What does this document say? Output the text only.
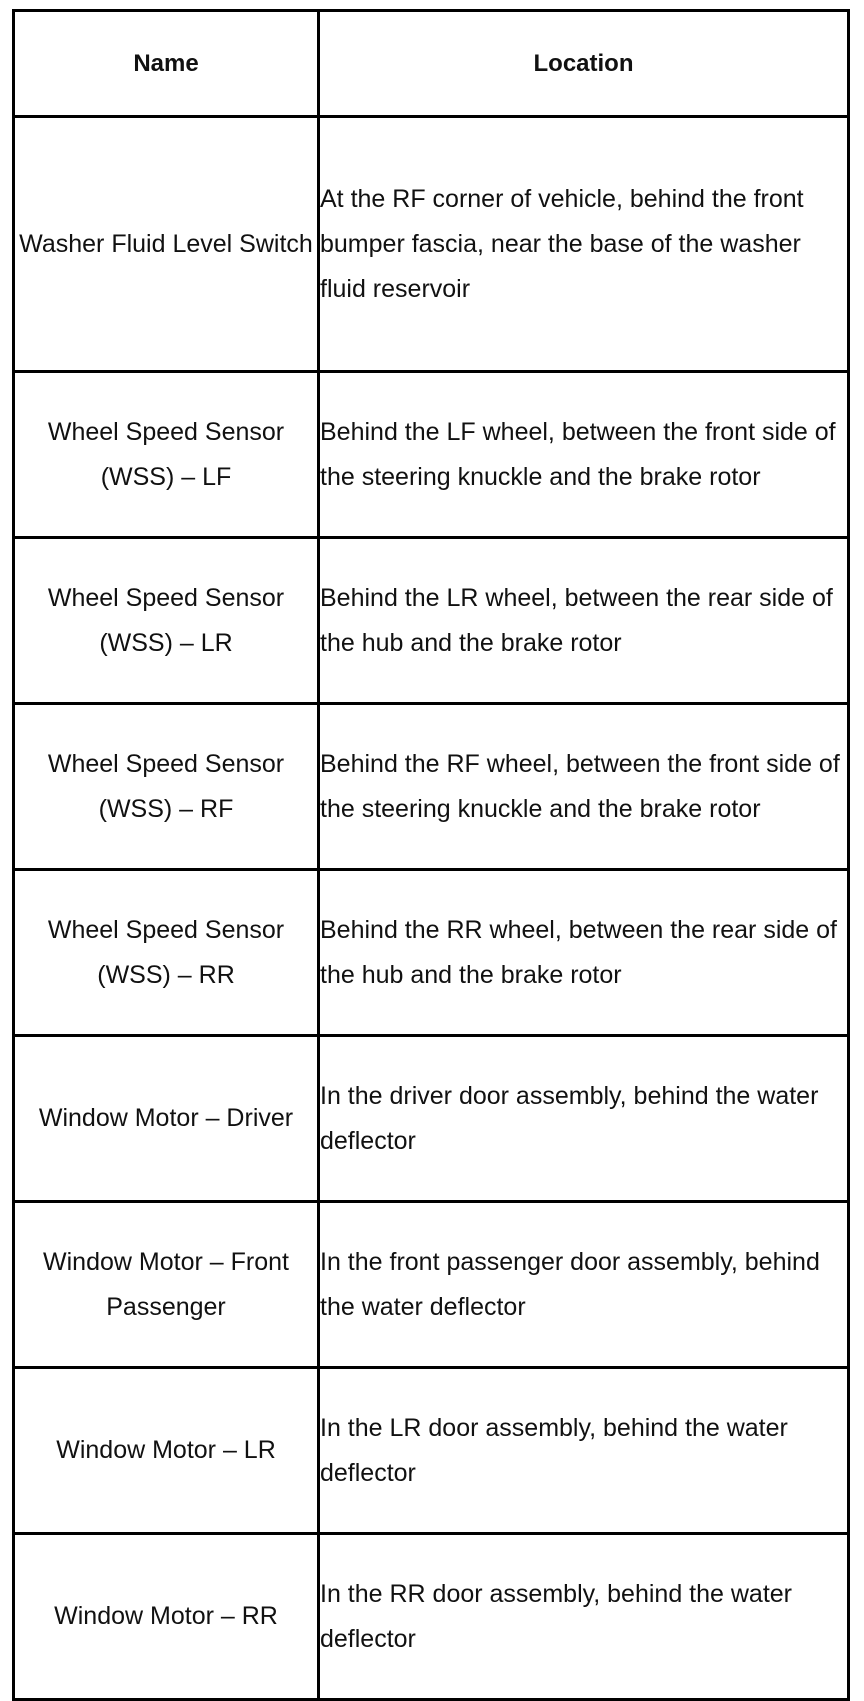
Name	Location
Washer Fluid Level Switch	At the RF corner of vehicle, behind the front bumper fascia, near the base of the washer fluid reservoir
Wheel Speed Sensor (WSS) – LF	Behind the LF wheel, between the front side of the steering knuckle and the brake rotor
Wheel Speed Sensor (WSS) – LR	Behind the LR wheel, between the rear side of the hub and the brake rotor
Wheel Speed Sensor (WSS) – RF	Behind the RF wheel, between the front side of the steering knuckle and the brake rotor
Wheel Speed Sensor (WSS) – RR	Behind the RR wheel, between the rear side of the hub and the brake rotor
Window Motor – Driver	In the driver door assembly, behind the water deflector
Window Motor – Front Passenger	In the front passenger door assembly, behind the water deflector
Window Motor – LR	In the LR door assembly, behind the water deflector
Window Motor – RR	In the RR door assembly, behind the water deflector
